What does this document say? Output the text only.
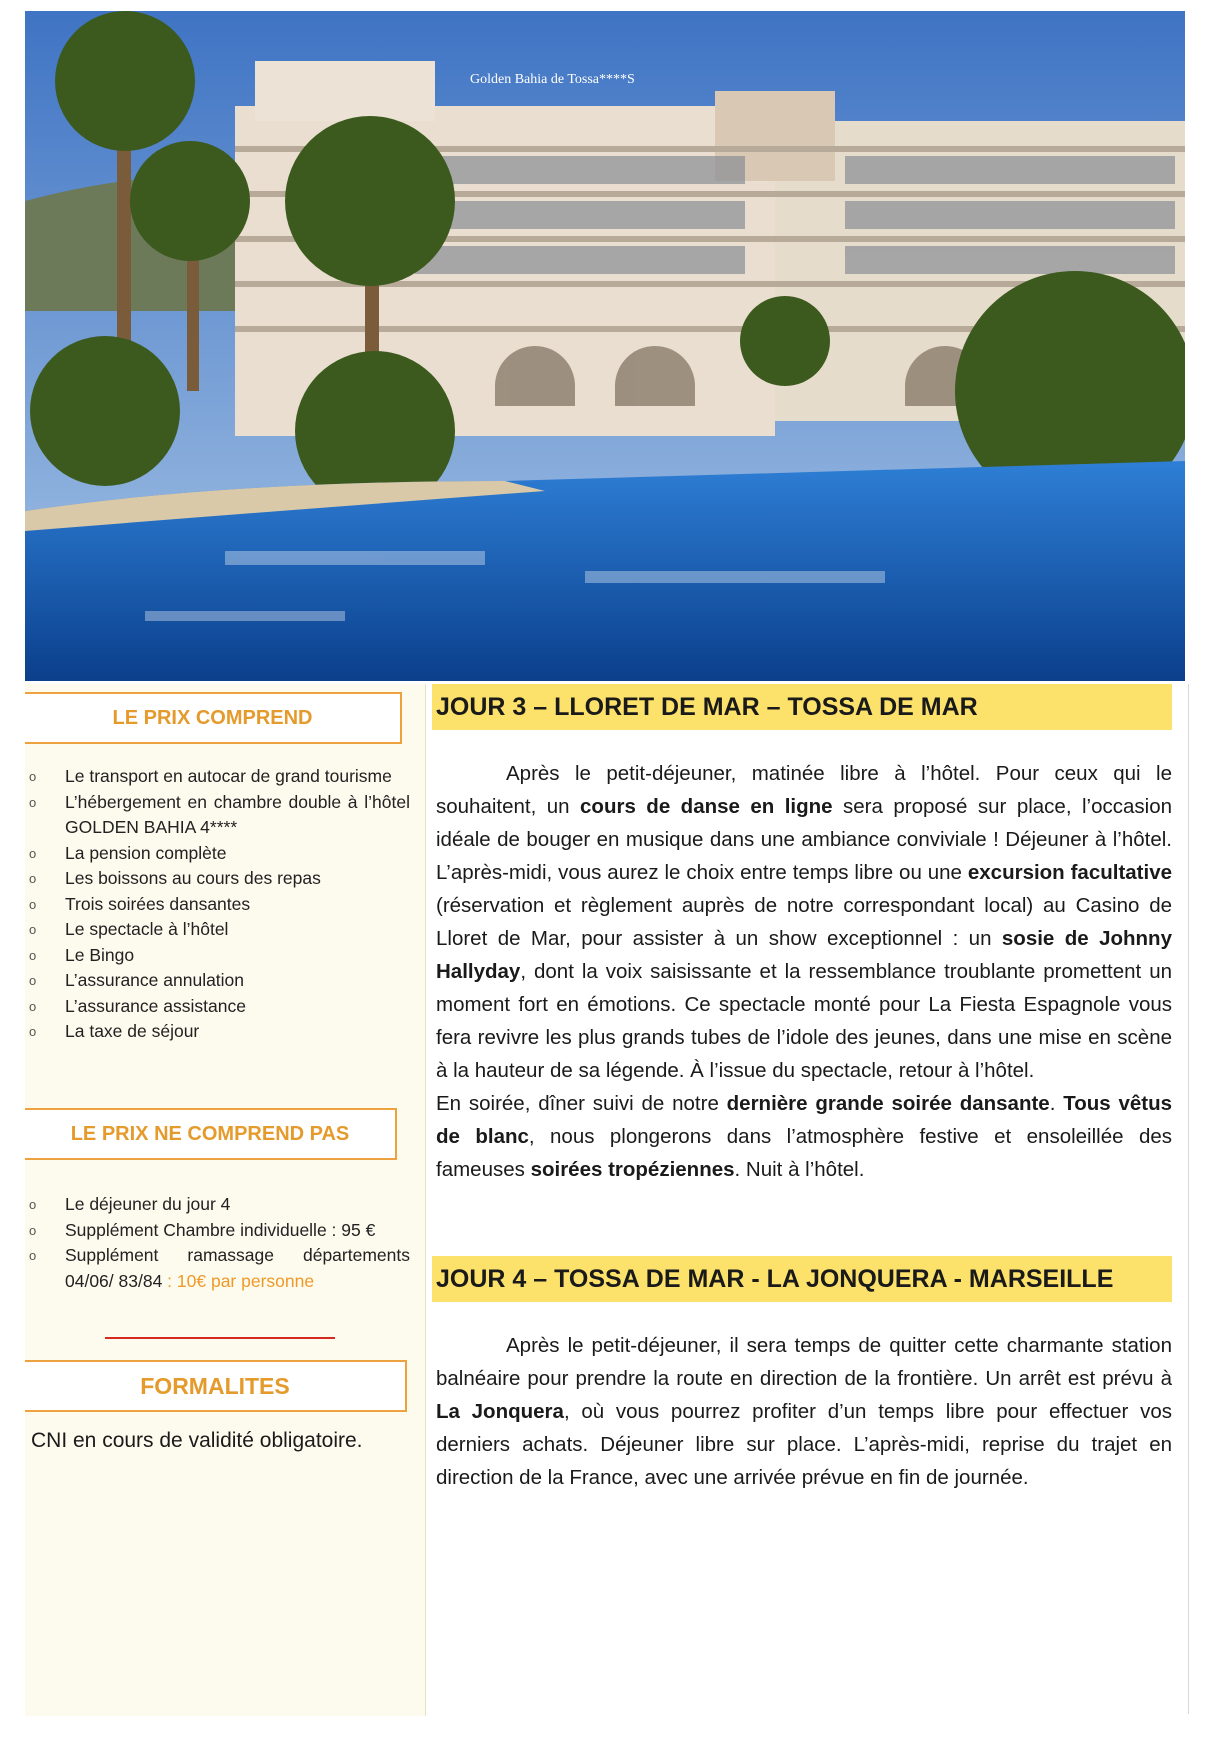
Golden Bahia de Tossa****S
LE PRIX COMPREND
o Le transport en autocar de grand tourisme
o L’hébergement en chambre double à l’hôtel GOLDEN BAHIA 4****
o La pension complète
o Les boissons au cours des repas
o Trois soirées dansantes
o Le spectacle à l’hôtel
o Le Bingo
o L’assurance annulation
o L’assurance assistance
o La taxe de séjour
LE PRIX NE COMPREND PAS
o Le déjeuner du jour 4
o Supplément Chambre individuelle : 95 €
o Supplément ramassage départements 04/06/ 83/84 : 10€ par personne
FORMALITES
CNI en cours de validité obligatoire.
JOUR 3 – LLORET DE MAR – TOSSA DE MAR
Après le petit-déjeuner, matinée libre à l’hôtel. Pour ceux qui le souhaitent, un cours de danse en ligne sera proposé sur place, l’occasion idéale de bouger en musique dans une ambiance conviviale ! Déjeuner à l’hôtel. L’après-midi, vous aurez le choix entre temps libre ou une excursion facultative (réservation et règlement auprès de notre correspondant local) au Casino de Lloret de Mar, pour assister à un show exceptionnel : un sosie de Johnny Hallyday, dont la voix saisissante et la ressemblance troublante promettent un moment fort en émotions. Ce spectacle monté pour La Fiesta Espagnole vous fera revivre les plus grands tubes de l’idole des jeunes, dans une mise en scène à la hauteur de sa légende. À l’issue du spectacle, retour à l’hôtel.
En soirée, dîner suivi de notre dernière grande soirée dansante. Tous vêtus de blanc, nous plongerons dans l’atmosphère festive et ensoleillée des fameuses soirées tropéziennes. Nuit à l’hôtel.
JOUR 4 – TOSSA DE MAR - LA JONQUERA - MARSEILLE
Après le petit-déjeuner, il sera temps de quitter cette charmante station balnéaire pour prendre la route en direction de la frontière. Un arrêt est prévu à La Jonquera, où vous pourrez profiter d’un temps libre pour effectuer vos derniers achats. Déjeuner libre sur place. L’après-midi, reprise du trajet en direction de la France, avec une arrivée prévue en fin de journée.
